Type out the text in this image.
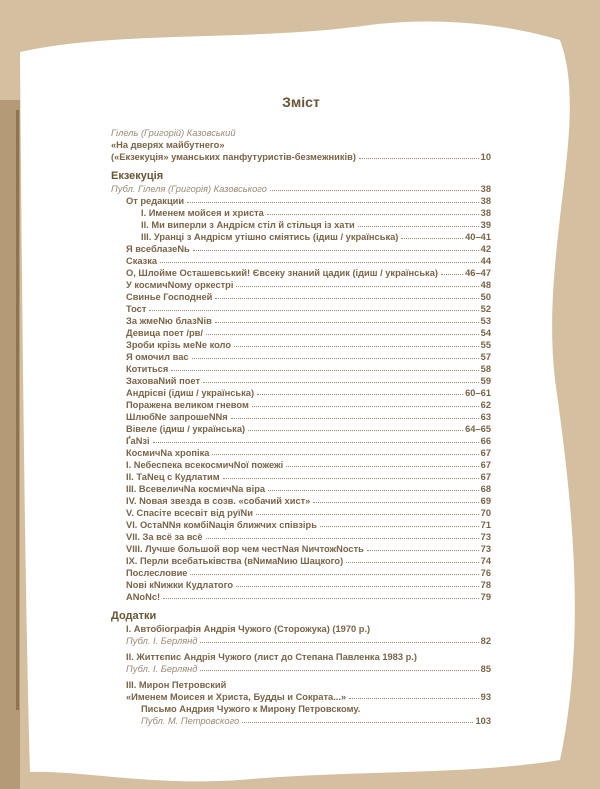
Зміст
Гілель (Григорій) Казовський
«На дверях майбутнего»
(«Екзекуція» уманських панфутуристів-безмежників)	10
Екзекуція
Публ. Гілеля (Григорія) Казовського	38
От редакции	38
I. Именем мойсея и христа	38
II. Ми виперли з Андрісм стіл й стільця із хати	39
III. Уранці з Андрісм утішно сміятись (ідиш / українська)	40–41
Я всеблазеNь	42
Сказка	44
О, Шлойме Осташевський! Євсеку знаний цадик (ідиш / українська)	46–47
У космичNому оркестрі	48
Свинье Господней	50
Тост	52
За жмеNю блазNів	53
Девица поет /рв/	54
Зроби крізь меNе коло	55
Я омочил вас	57
Котиться	58
ЗаховаNий поет	59
Андрісві (ідиш / українська)	60–61
Поражена великом гневом	62
ШлюбNе запрошеNNя	63
Вівеле (ідиш / українська)	64–65
ҐаNзі	66
КосмичNа хропіка	67
I. Nебеспека всекосмичNої пожежі	67
II. ТаNец с Кудлатим	67
III. ВсевеличNа космичNа віра	68
IV. Nовая звезда в созв. «собачий хист»	69
V. Спасіте всесвіт від руїNи	70
VI. ОстаNNя комбіNація ближчих співзірь	71
VII. За всё за всё	73
VIII. Лучше большой вор чем честNая NичтожNость	73
IX. Перли всебатьківства (вNимаNию Шацкого)	74
Послесловие	76
Nові кNижки Кудлатого	78
ANoNc!	79
Додатки
I. Автобіографія Андрія Чужого (Сторожука) (1970 р.)
Публ. І. Берлянд	82
II. Життєпис Андрія Чужого (лист до Степана Павленка 1983 р.)
Публ. І. Берлянд	85
III. Мирон Петровский
«Именем Моисея и Христа, Будды и Сократа...»	93
Письмо Андрия Чужого к Мирону Петровскому.
Публ. М. Петровского	103
